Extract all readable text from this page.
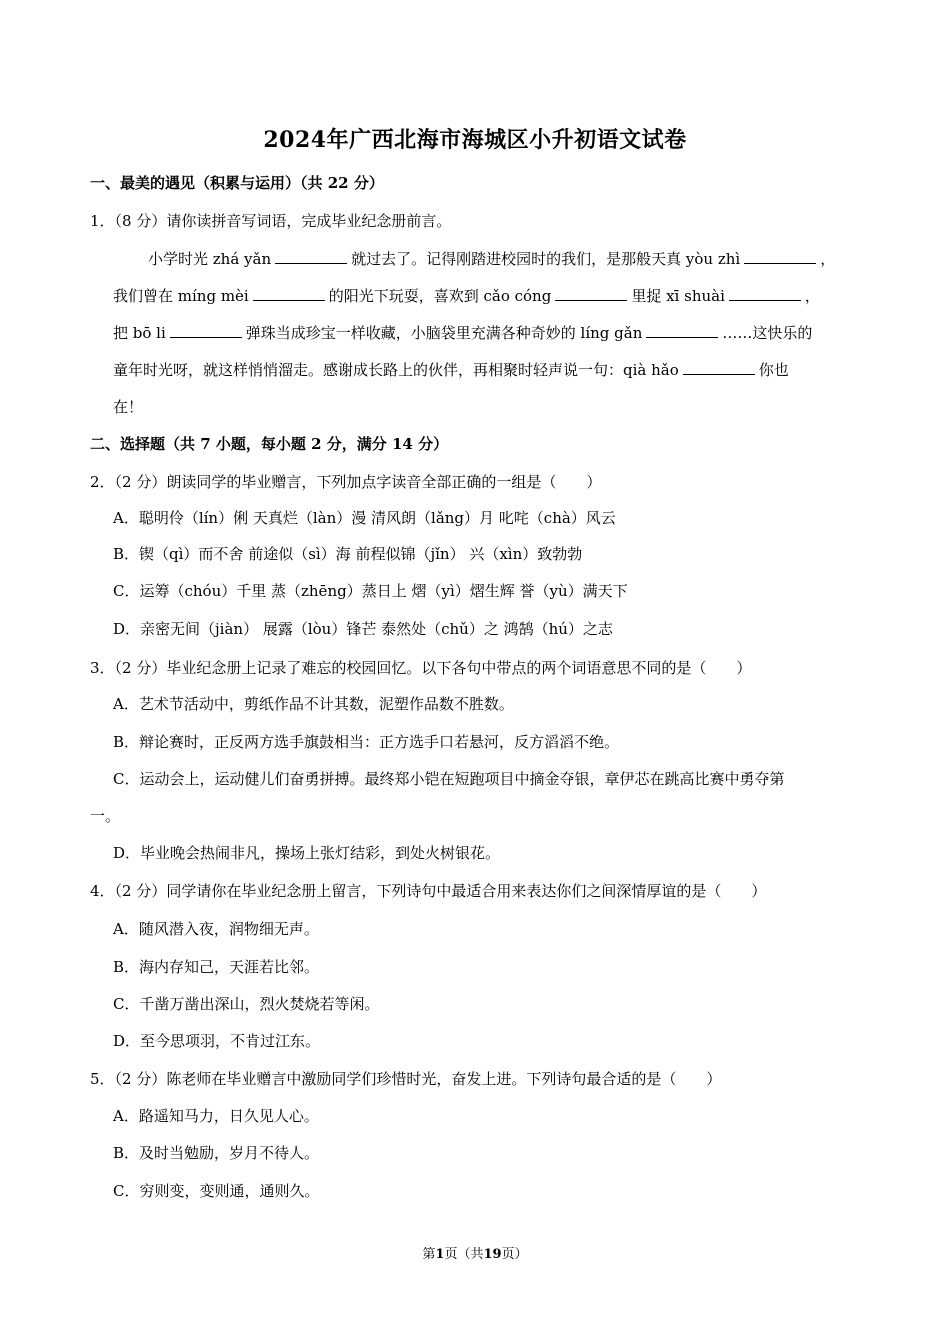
2024年广西北海市海城区小升初语文试卷
一、最美的遇见（积累与运用）（共 22 分）
1．（8 分）请你读拼音写词语，完成毕业纪念册前言。
小学时光 zhá yǎn	就过去了。记得刚踏进校园时的我们，是那般天真 yòu zhì	，
我们曾在 míng mèi	的阳光下玩耍，喜欢到 cǎo cóng	里捉 xī shuài	，
把 bō li	弹珠当成珍宝一样收藏，小脑袋里充满各种奇妙的 líng gǎn	……这快乐的
童年时光呀，就这样悄悄溜走。感谢成长路上的伙伴，再相聚时轻声说一句：qià hǎo	你也
在！
二、选择题（共 7 小题，每小题 2 分，满分 14 分）
2．（2 分）朗读同学的毕业赠言，下列加点字读音全部正确的一组是（　　）
A．聪明伶（lín）俐 天真烂（làn）漫 清风朗（lǎng）月 叱咤（chà）风云
B．锲（qì）而不舍 前途似（sì）海 前程似锦（jǐn） 兴（xìn）致勃勃
C．运筹（chóu）千里 蒸（zhēng）蒸日上 熠（yì）熠生辉 誉（yù）满天下
D．亲密无间（jiàn） 展露（lòu）锋芒 泰然处（chǔ）之 鸿鹄（hú）之志
3．（2 分）毕业纪念册上记录了难忘的校园回忆。以下各句中带点的两个词语意思不同的是（　　）
A．艺术节活动中，剪纸作品不计其数，泥塑作品数不胜数。
B．辩论赛时，正反两方选手旗鼓相当：正方选手口若悬河，反方滔滔不绝。
C．运动会上，运动健儿们奋勇拼搏。最终郑小铠在短跑项目中摘金夺银，章伊芯在跳高比赛中勇夺第
一。
D．毕业晚会热闹非凡，操场上张灯结彩，到处火树银花。
4．（2 分）同学请你在毕业纪念册上留言，下列诗句中最适合用来表达你们之间深情厚谊的是（　　）
A．随风潜入夜，润物细无声。
B．海内存知己，天涯若比邻。
C．千凿万凿出深山，烈火焚烧若等闲。
D．至今思项羽，不肯过江东。
5．（2 分）陈老师在毕业赠言中激励同学们珍惜时光，奋发上进。下列诗句最合适的是（　　）
A．路遥知马力，日久见人心。
B．及时当勉励，岁月不待人。
C．穷则变，变则通，通则久。
第1页（共19页）
